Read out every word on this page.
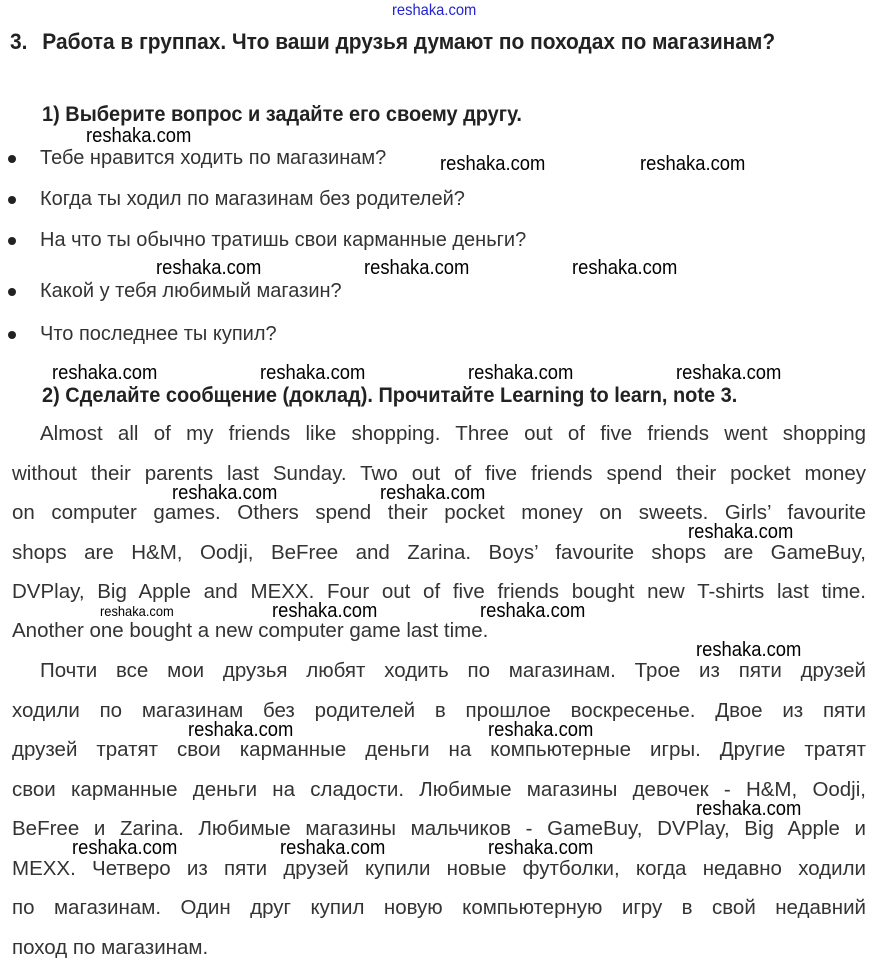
reshaka.com
3. Работа в группах. Что ваши друзья думают по походах по магазинам?
1) Выберите вопрос и задайте его своему другу.
Тебе нравится ходить по магазинам?
Когда ты ходил по магазинам без родителей?
На что ты обычно тратишь свои карманные деньги?
Какой у тебя любимый магазин?
Что последнее ты купил?
2) Сделайте сообщение (доклад). Прочитайте Learning to learn, note 3.
Almost all of my friends like shopping. Three out of five friends went shopping
without their parents last Sunday. Two out of five friends spend their pocket money
on computer games. Others spend their pocket money on sweets. Girls’ favourite
shops are H&M, Oodji, BeFree and Zarina. Boys’ favourite shops are GameBuy,
DVPlay, Big Apple and MEXX. Four out of five friends bought new T-shirts last time.
Another one bought a new computer game last time.
Почти все мои друзья любят ходить по магазинам. Трое из пяти друзей
ходили по магазинам без родителей в прошлое воскресенье. Двое из пяти
друзей тратят свои карманные деньги на компьютерные игры. Другие тратят
свои карманные деньги на сладости. Любимые магазины девочек - H&M, Oodji,
BeFree и Zarina. Любимые магазины мальчиков - GameBuy, DVPlay, Big Apple и
MEXX. Четверо из пяти друзей купили новые футболки, когда недавно ходили
по магазинам. Один друг купил новую компьютерную игру в свой недавний
поход по магазинам.
reshaka.com
reshaka.com	reshaka.com
reshaka.com	reshaka.com	reshaka.com
reshaka.com	reshaka.com	reshaka.com	reshaka.com
reshaka.com	reshaka.com
reshaka.com
reshaka.com	reshaka.com	reshaka.com
reshaka.com
reshaka.com	reshaka.com
reshaka.com
reshaka.com	reshaka.com	reshaka.com
